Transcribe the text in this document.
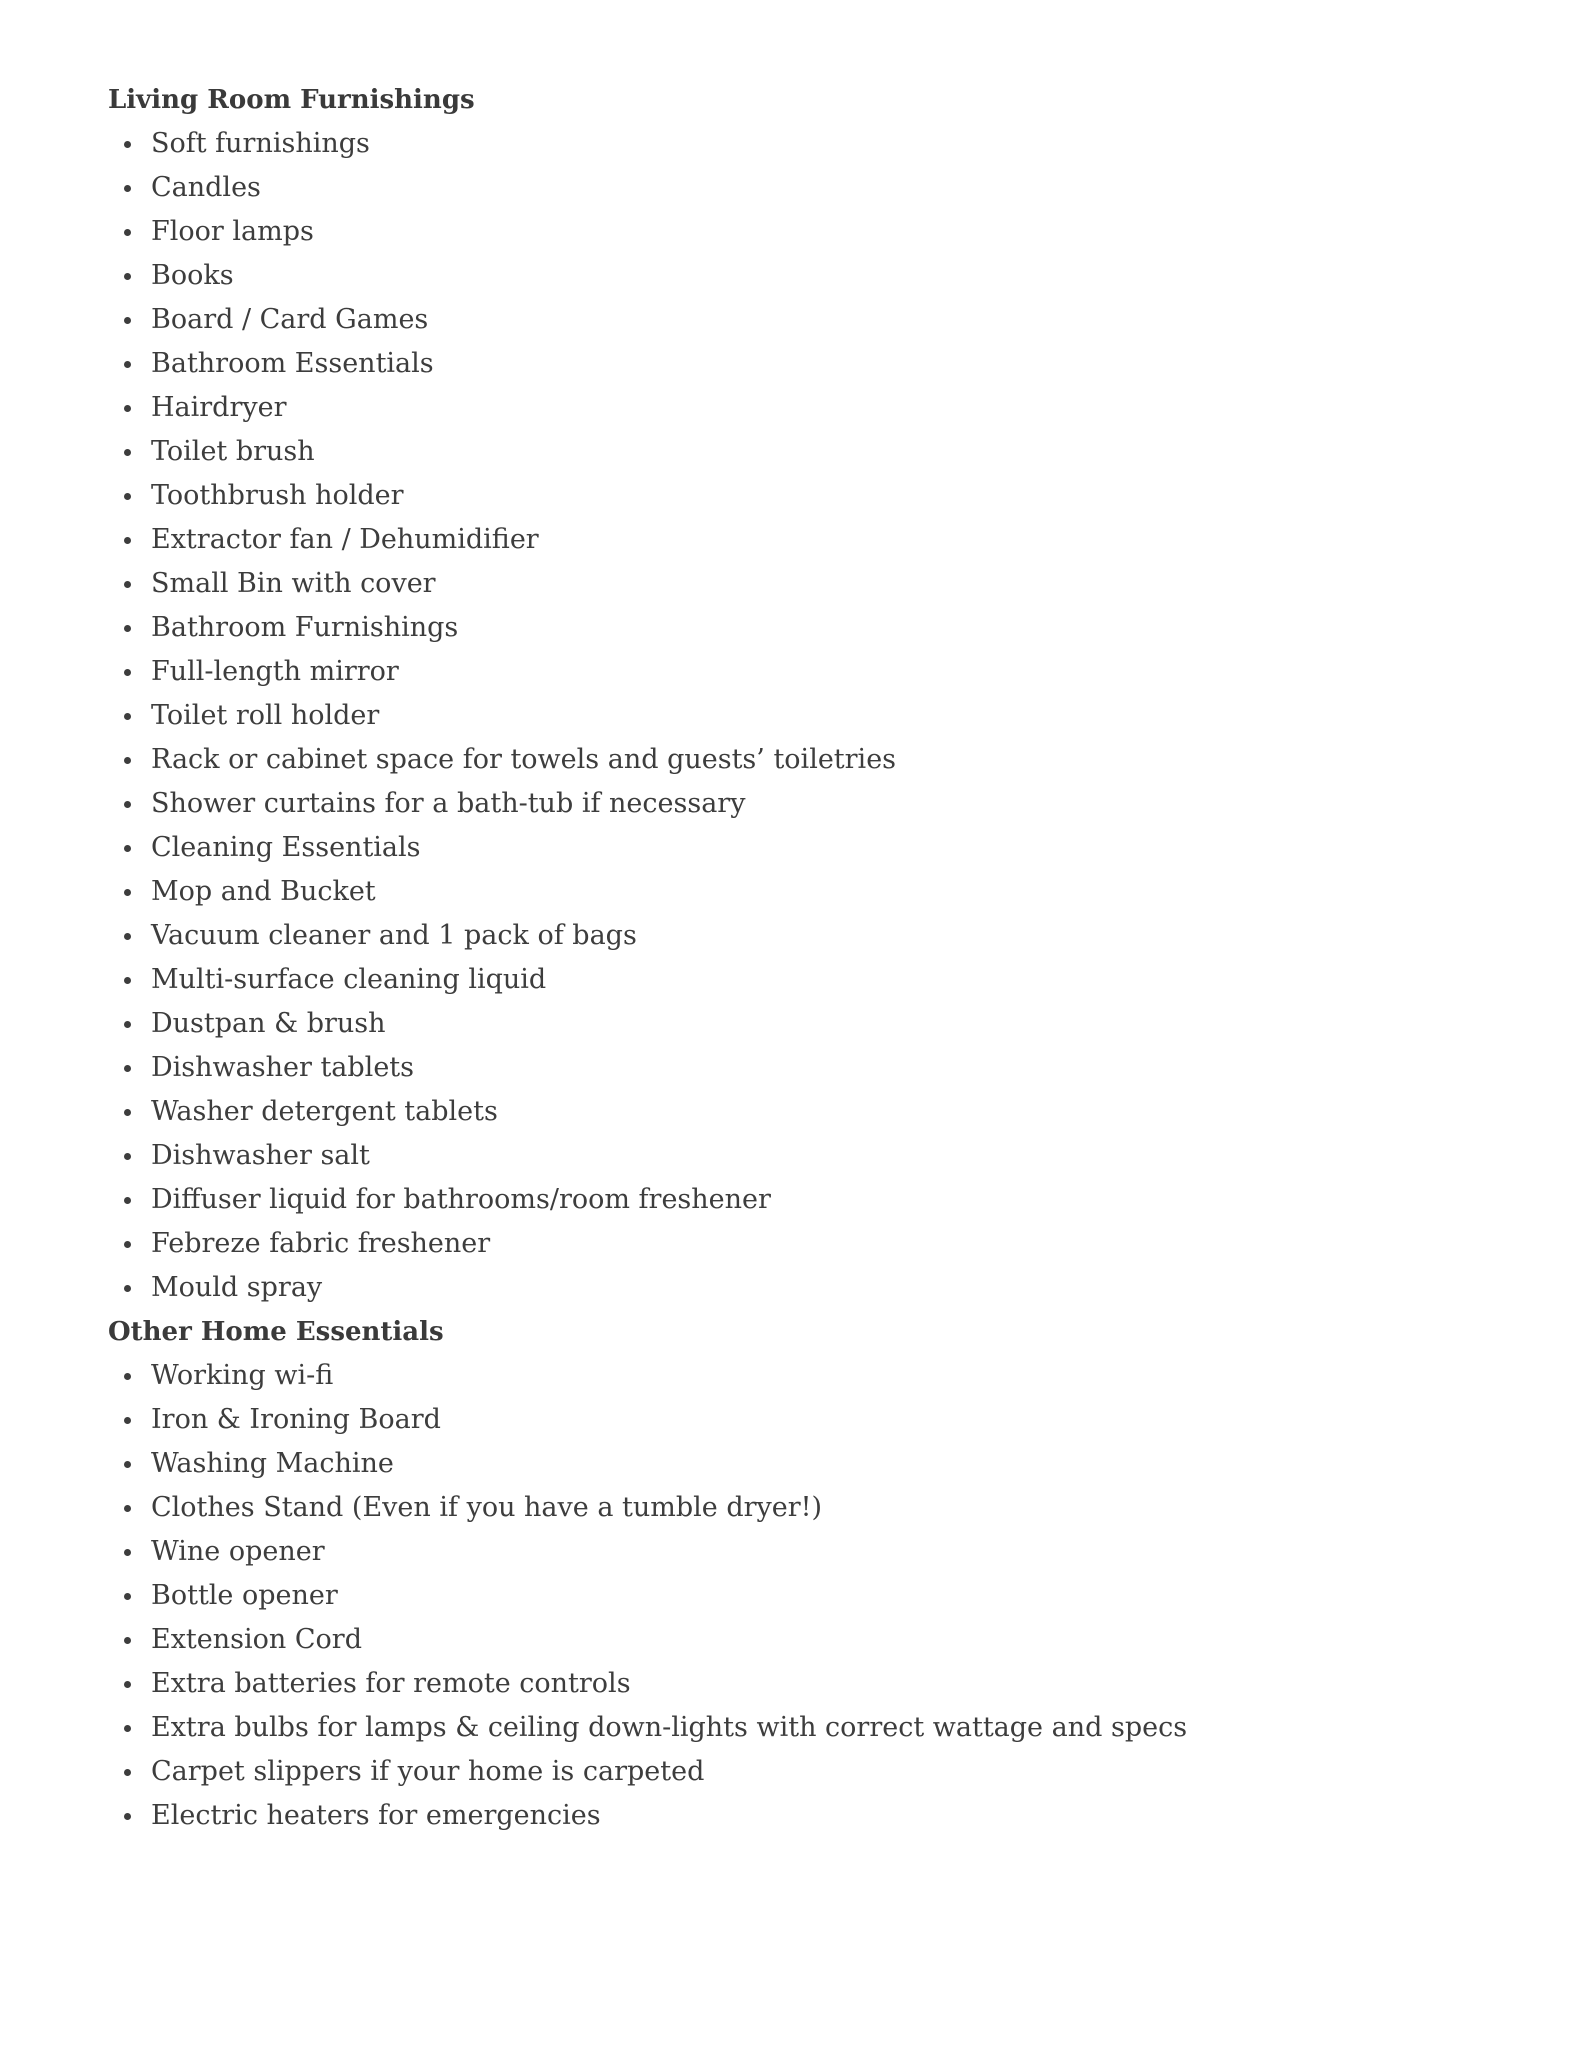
Living Room Furnishings
Soft furnishings
Candles
Floor lamps
Books
Board / Card Games
Bathroom Essentials
Hairdryer
Toilet brush
Toothbrush holder
Extractor fan / Dehumidifier
Small Bin with cover
Bathroom Furnishings
Full-length mirror
Toilet roll holder
Rack or cabinet space for towels and guests’ toiletries
Shower curtains for a bath-tub if necessary
Cleaning Essentials
Mop and Bucket
Vacuum cleaner and 1 pack of bags
Multi-surface cleaning liquid
Dustpan & brush
Dishwasher tablets
Washer detergent tablets
Dishwasher salt
Diffuser liquid for bathrooms/room freshener
Febreze fabric freshener
Mould spray
Other Home Essentials
Working wi-fi
Iron & Ironing Board
Washing Machine
Clothes Stand (Even if you have a tumble dryer!)
Wine opener
Bottle opener
Extension Cord
Extra batteries for remote controls
Extra bulbs for lamps & ceiling down-lights with correct wattage and specs
Carpet slippers if your home is carpeted
Electric heaters for emergencies
